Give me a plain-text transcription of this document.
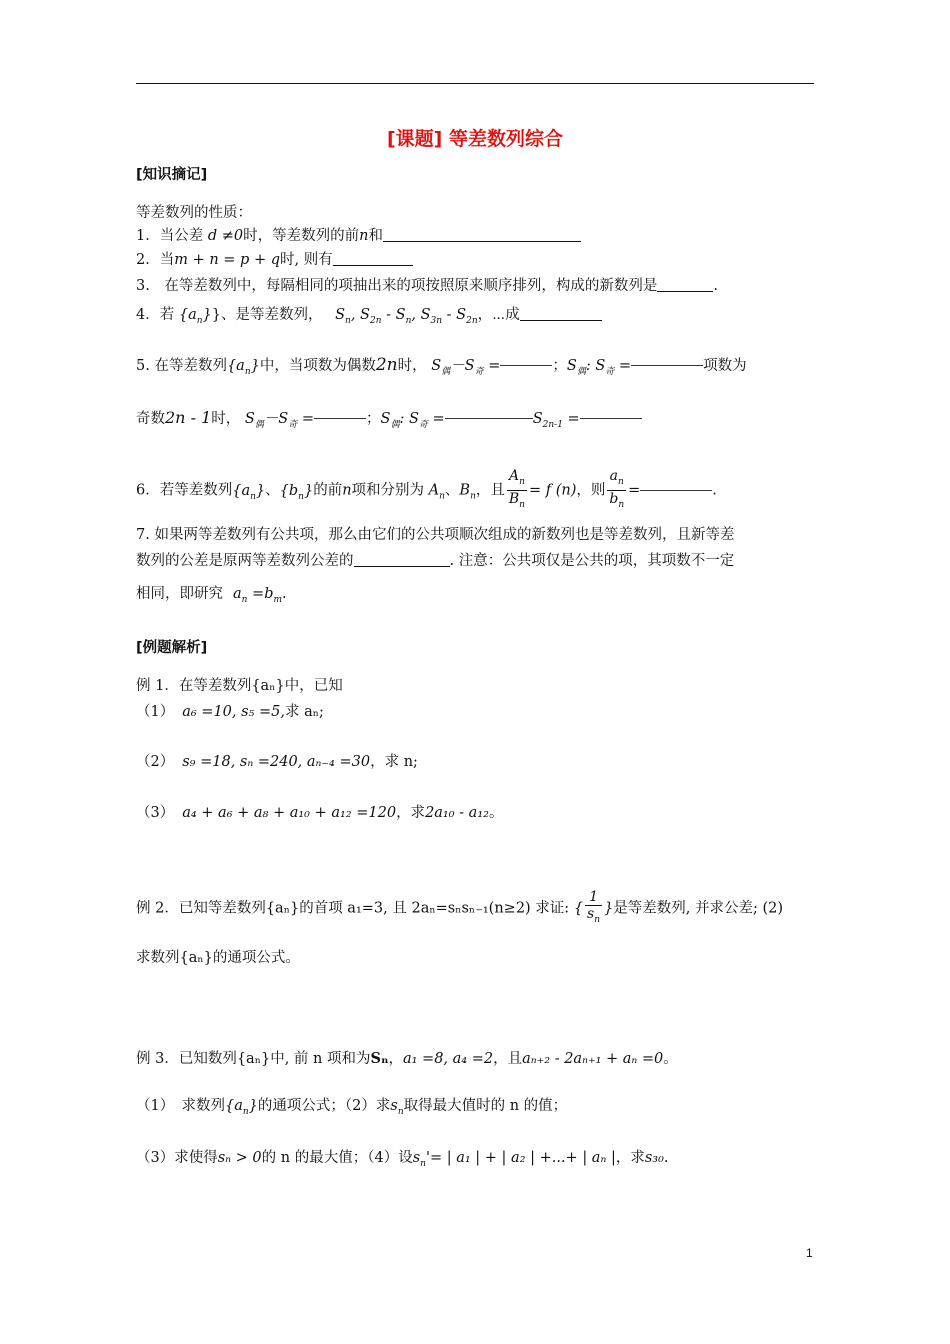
[课题] 等差数列综合
[知识摘记]
等差数列的性质：
1．当公差 d ≠0时，等差数列的前n和
2．当m + n = p + q时, 则有
3.　在等差数列中，每隔相同的项抽出来的项按照原来顺序排列，构成的新数列是	.
4．若 $\{a_n\}$}、是等差数列， $S_n$, $S_{2n} - S_n$, $S_{3n} - S_{2n}$，⋯成
5. 在等差数列$\{a_n\}$中，当项数为偶数2n时， $S_偶-S_奇$ =	；$S_偶$: $S_奇$ =	项数为
奇数2n - 1时， $S_偶-S_奇$ =	；$S_偶$: $S_奇$ =	$S_{2n-1}$ =
6．若等差数列$\{a_n\}$、$\{b_n\}$的前n项和分别为 $A_n$、$B_n$，且 $\frac{A_n}{B_n} = f$ (n)，则 $\frac{a_n}{b_n}$ =	.
7. 如果两等差数列有公共项，那么由它们的公共项顺次组成的新数列也是等差数列，且新等差
数列的公差是原两等差数列公差的	. 注意：公共项仅是公共的项，其项数不一定
相同，即研究 $a_n =b_m$.
[例题解析]
例 1．在等差数列{aₙ}中，已知
（1） a₆ =10, s₅ =5,求 aₙ;
（2） s₉ =18, sₙ =240, aₙ₋₄ =30，求 n;
（3） a₄ + a₆ + a₈ + a₁₀ + a₁₂ =120，求2a₁₀ - a₁₂。
例 2．已知等差数列{aₙ}的首项 a₁=3, 且 2aₙ=sₙsₙ₋₁(n≥2) 求证: { $\frac{1}{s_n}$ }是等差数列, 并求公差; (2)
求数列{aₙ}的通项公式。
例 3．已知数列{aₙ}中, 前 n 项和为Sₙ，a₁ =8, a₄ =2，且aₙ₊₂ - 2aₙ₊₁ + aₙ =0。
（1）　求数列$\{a_n\}$的通项公式；（2）求$s_n$取得最大值时的 n 的值；
（3）求使得sₙ > 0的 n 的最大值；（4）设$s_n'=$ | a₁ | + | a₂ | +...+ | aₙ |，求s₃₀.
1
